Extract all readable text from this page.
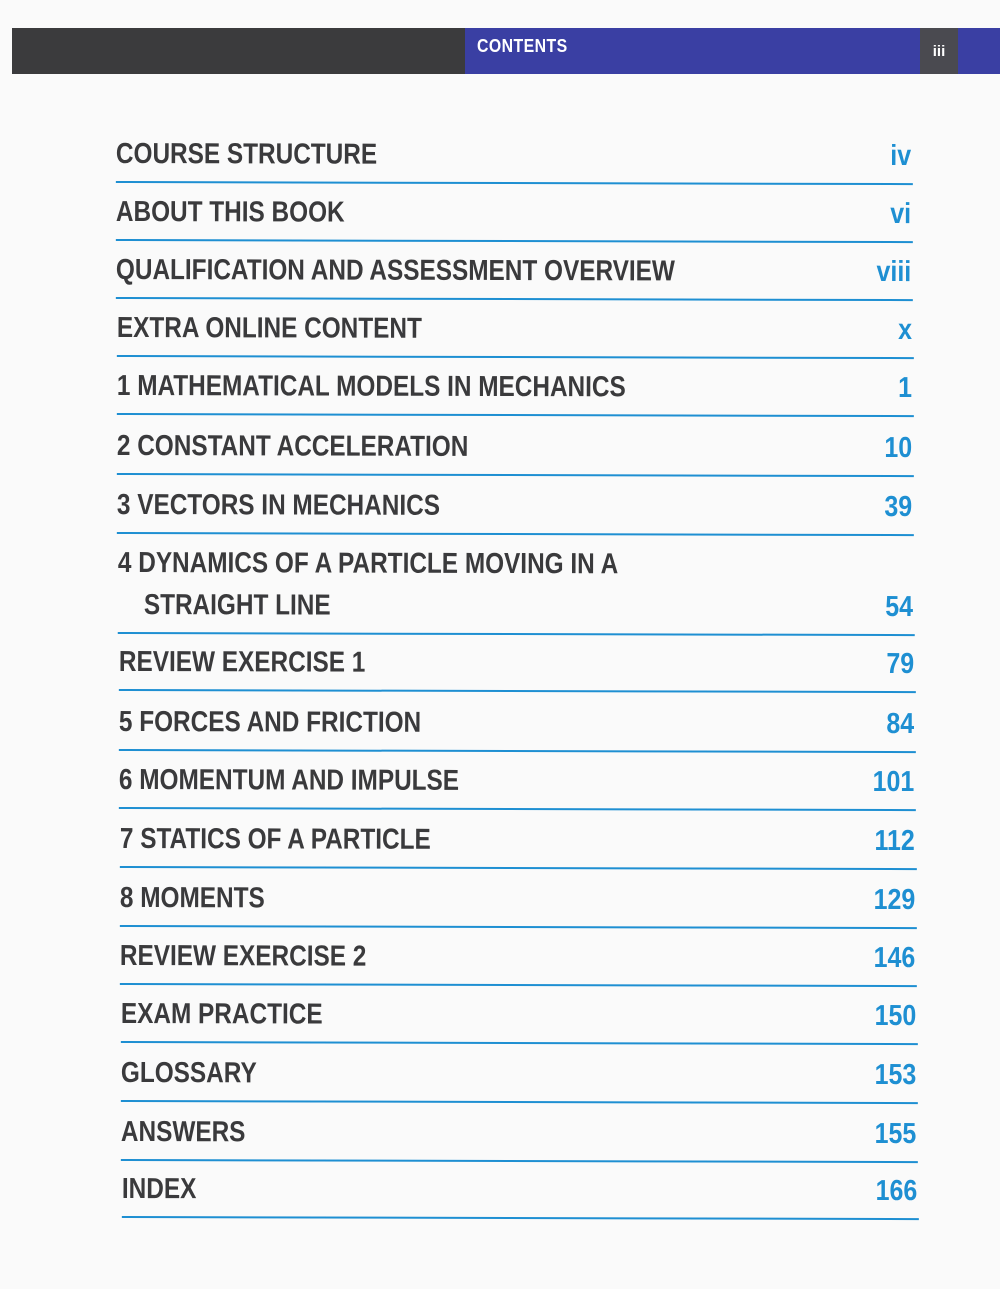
CONTENTS	iii
COURSE STRUCTURE	iv
ABOUT THIS BOOK	vi
QUALIFICATION AND ASSESSMENT OVERVIEW	viii
EXTRA ONLINE CONTENT	x
1 MATHEMATICAL MODELS IN MECHANICS	1
2 CONSTANT ACCELERATION	10
3 VECTORS IN MECHANICS	39
4 DYNAMICS OF A PARTICLE MOVING IN A
STRAIGHT LINE	54
REVIEW EXERCISE 1	79
5 FORCES AND FRICTION	84
6 MOMENTUM AND IMPULSE	101
7 STATICS OF A PARTICLE	112
8 MOMENTS	129
REVIEW EXERCISE 2	146
EXAM PRACTICE	150
GLOSSARY	153
ANSWERS	155
INDEX	166
